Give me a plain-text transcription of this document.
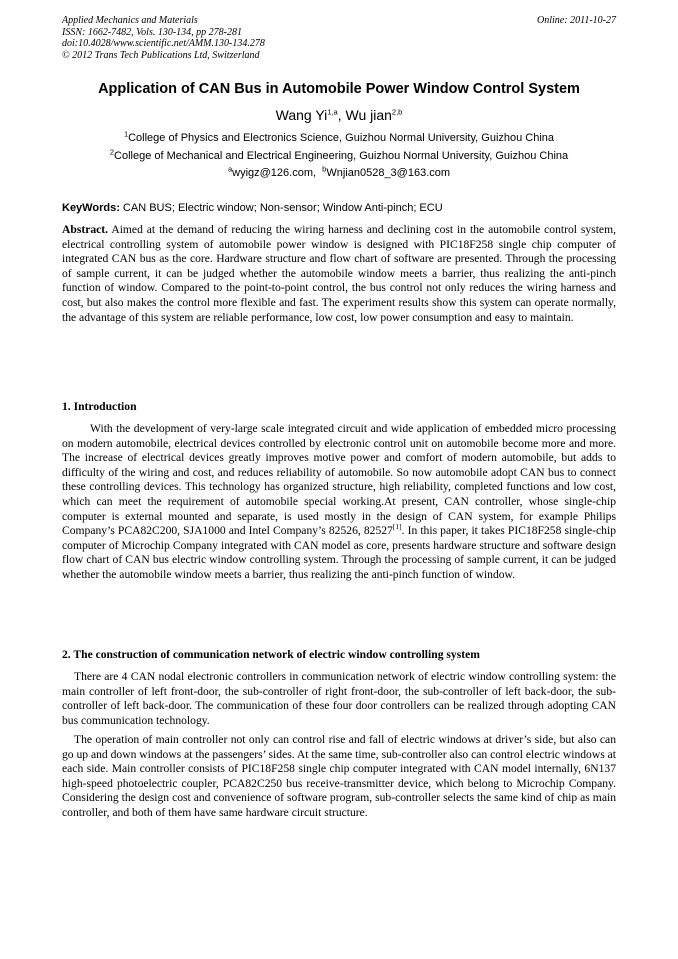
Applied Mechanics and Materials
ISSN: 1662-7482, Vols. 130-134, pp 278-281
doi:10.4028/www.scientific.net/AMM.130-134.278
© 2012 Trans Tech Publications Ltd, Switzerland
Online: 2011-10-27
Application of CAN Bus in Automobile Power Window Control System
Wang Yi$^{1,a}$, Wu jian$^{2,b}$
$^1$College of Physics and Electronics Science, Guizhou Normal University, Guizhou China
$^2$College of Mechanical and Electrical Engineering, Guizhou Normal University, Guizhou China
$^a$wyigz@126.com, $^b$Wnjian0528_3@163.com
KeyWords: CAN BUS; Electric window; Non-sensor; Window Anti-pinch; ECU
Abstract. Aimed at the demand of reducing the wiring harness and declining cost in the automobile control system, electrical controlling system of automobile power window is designed with PIC18F258 single chip computer of integrated CAN bus as the core. Hardware structure and flow chart of software are presented. Through the processing of sample current, it can be judged whether the automobile window meets a barrier, thus realizing the anti-pinch function of window. Compared to the point-to-point control, the bus control not only reduces the wiring harness and cost, but also makes the control more flexible and fast. The experiment results show this system can operate normally, the advantage of this system are reliable performance, low cost, low power consumption and easy to maintain.
1. Introduction
With the development of very-large scale integrated circuit and wide application of embedded micro processing on modern automobile, electrical devices controlled by electronic control unit on automobile become more and more. The increase of electrical devices greatly improves motive power and comfort of modern automobile, but adds to difficulty of the wiring and cost, and reduces reliability of automobile. So now automobile adopt CAN bus to connect these controlling devices. This technology has organized structure, high reliability, completed functions and low cost, which can meet the requirement of automobile special working.At present, CAN controller, whose single-chip computer is external mounted and separate, is used mostly in the design of CAN system, for example Philips Company’s PCA82C200, SJA1000 and Intel Company’s 82526, 82527[1]. In this paper, it takes PIC18F258 single-chip computer of Microchip Company integrated with CAN model as core, presents hardware structure and software design flow chart of CAN bus electric window controlling system. Through the processing of sample current, it can be judged whether the automobile window meets a barrier, thus realizing the anti-pinch function of window.
2. The construction of communication network of electric window controlling system
There are 4 CAN nodal electronic controllers in communication network of electric window controlling system: the main controller of left front-door, the sub-controller of right front-door, the sub-controller of left back-door, the sub-controller of left back-door. The communication of these four door controllers can be realized through adopting CAN bus communication technology.
The operation of main controller not only can control rise and fall of electric windows at driver’s side, but also can go up and down windows at the passengers’ sides. At the same time, sub-controller also can control electric windows at each side. Main controller consists of PIC18F258 single chip computer integrated with CAN model internally, 6N137 high-speed photoelectric coupler, PCA82C250 bus receive-transmitter device, which belong to Microchip Company. Considering the design cost and convenience of software program, sub-controller selects the same kind of chip as main controller, and both of them have same hardware circuit structure.
